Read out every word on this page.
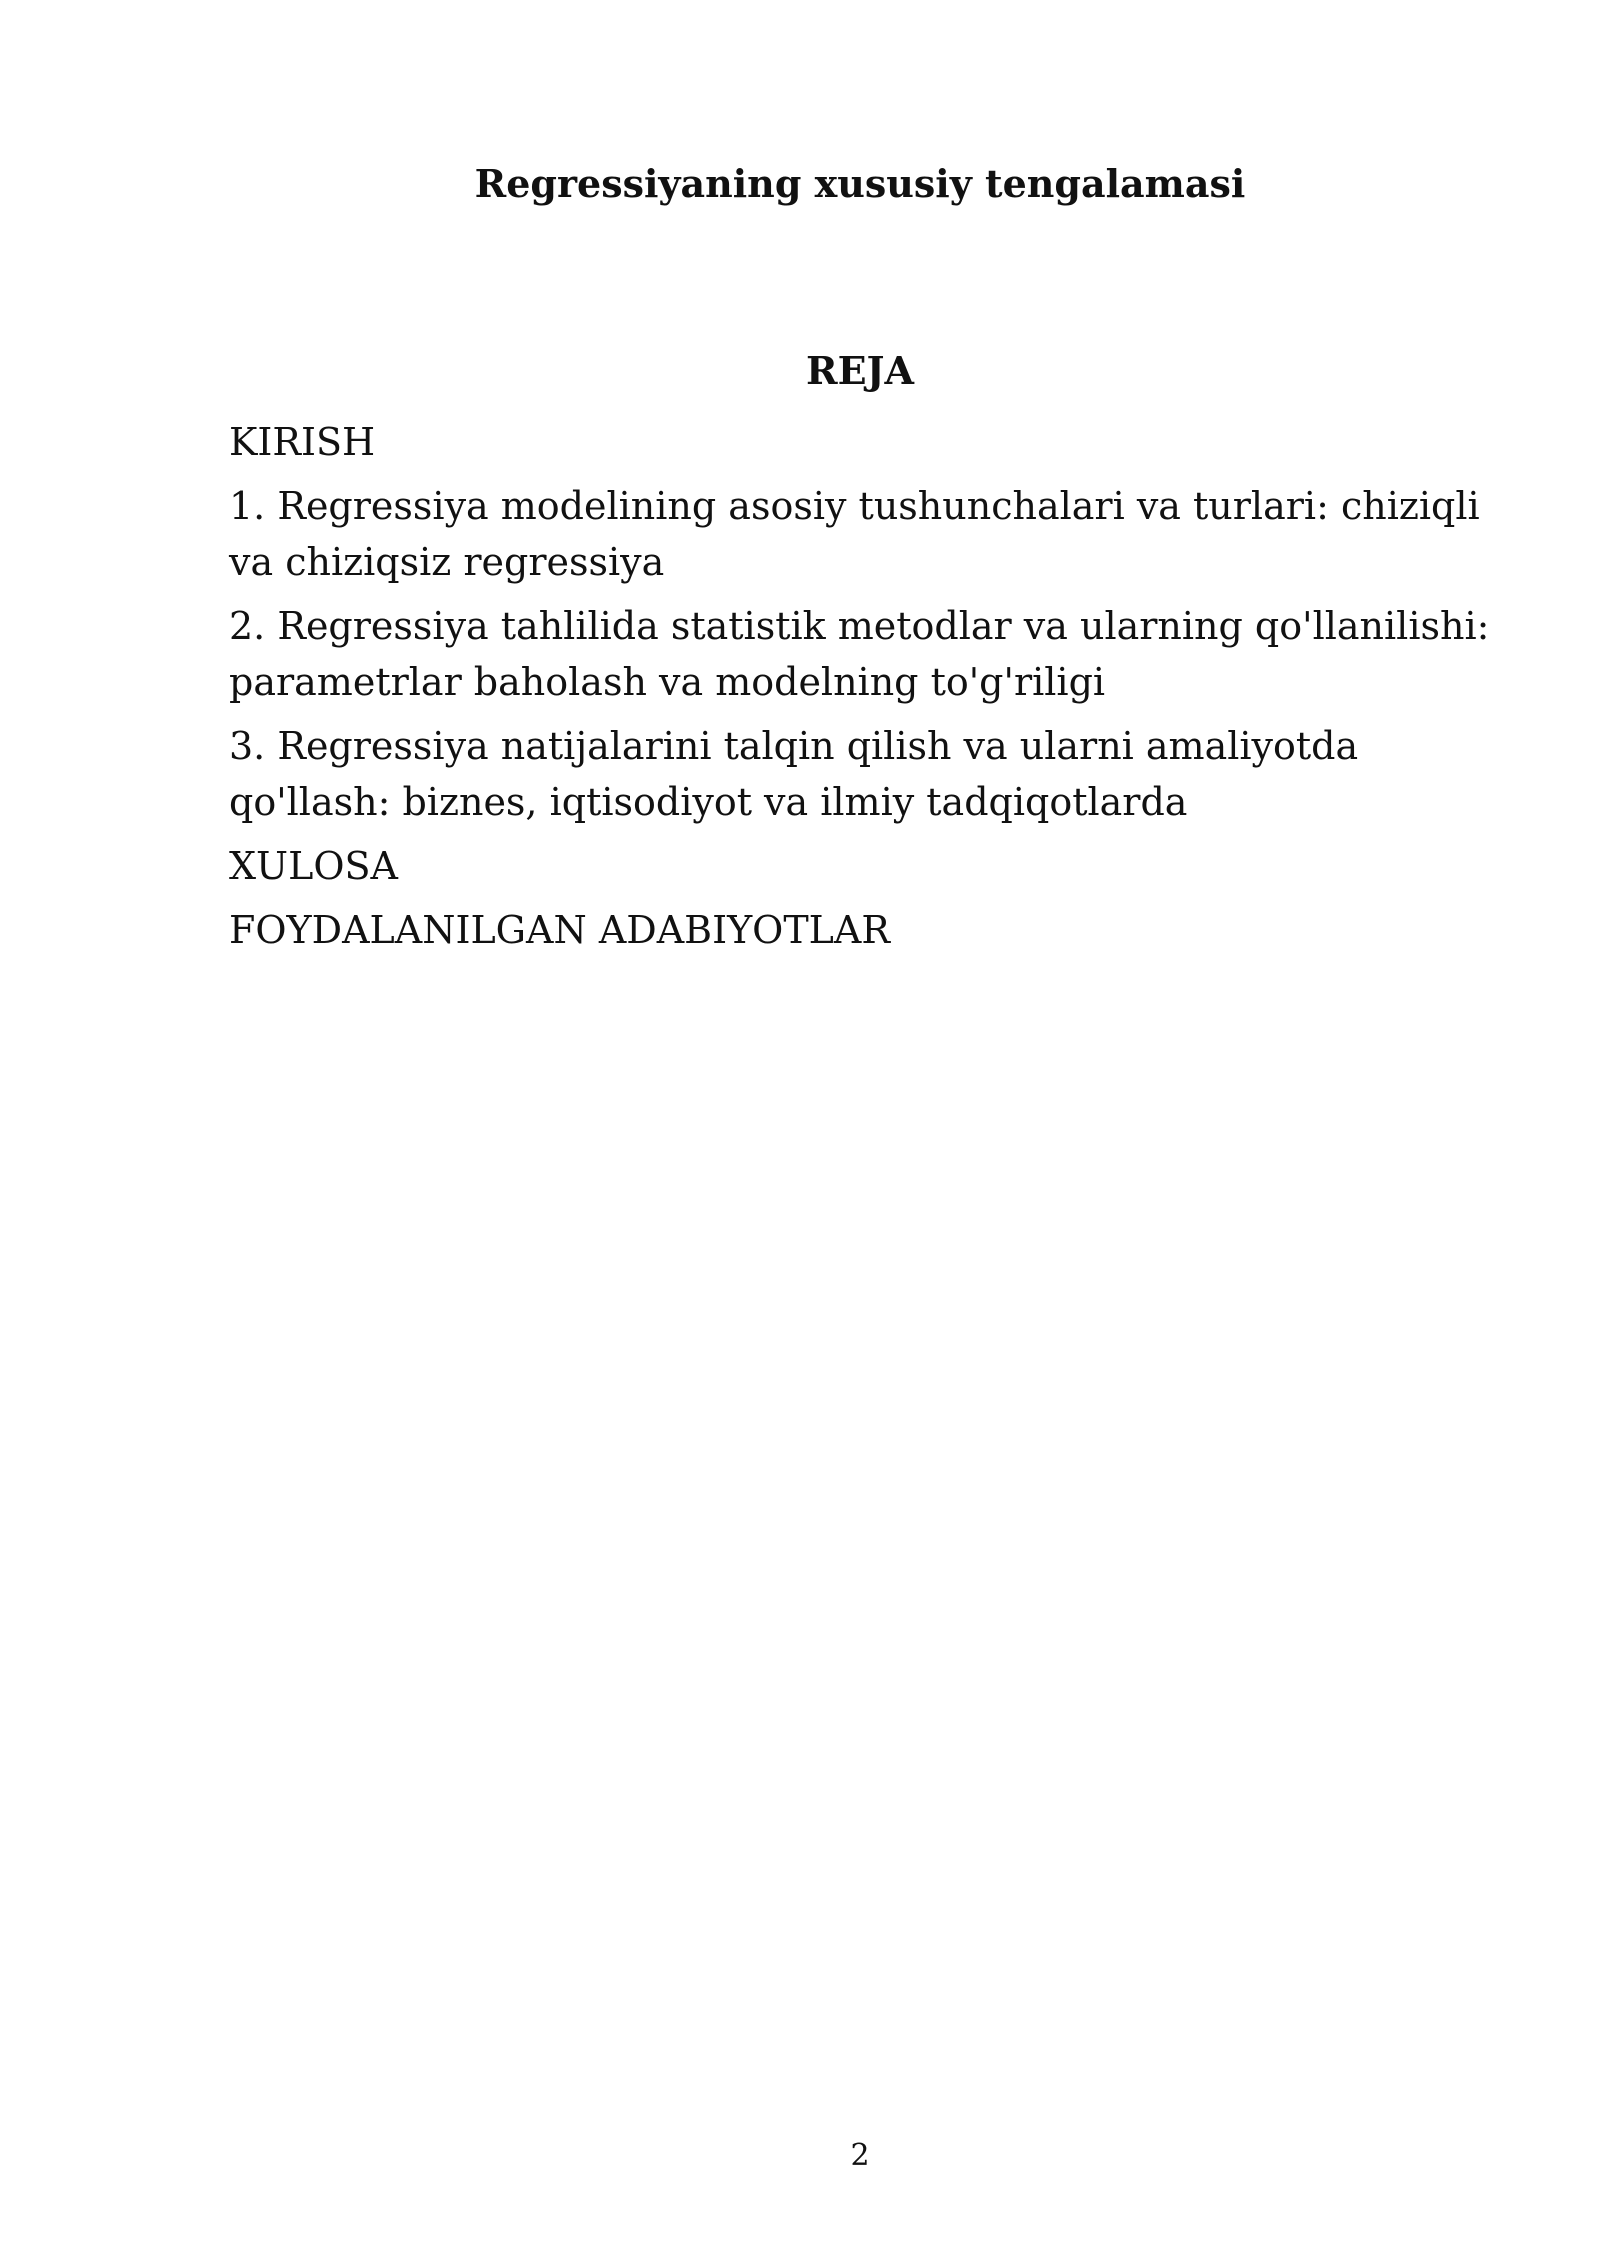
Regressiyaning xususiy tengalamasi
REJA
KIRISH
1. Regressiya modelining asosiy tushunchalari va turlari: chiziqli va chiziqsiz regressiya
2. Regressiya tahlilida statistik metodlar va ularning qo'llanilishi: parametrlar baholash va modelning to'g'riligi
3. Regressiya natijalarini talqin qilish va ularni amaliyotda qo'llash: biznes, iqtisodiyot va ilmiy tadqiqotlarda
XULOSA
FOYDALANILGAN ADABIYOTLAR
2
